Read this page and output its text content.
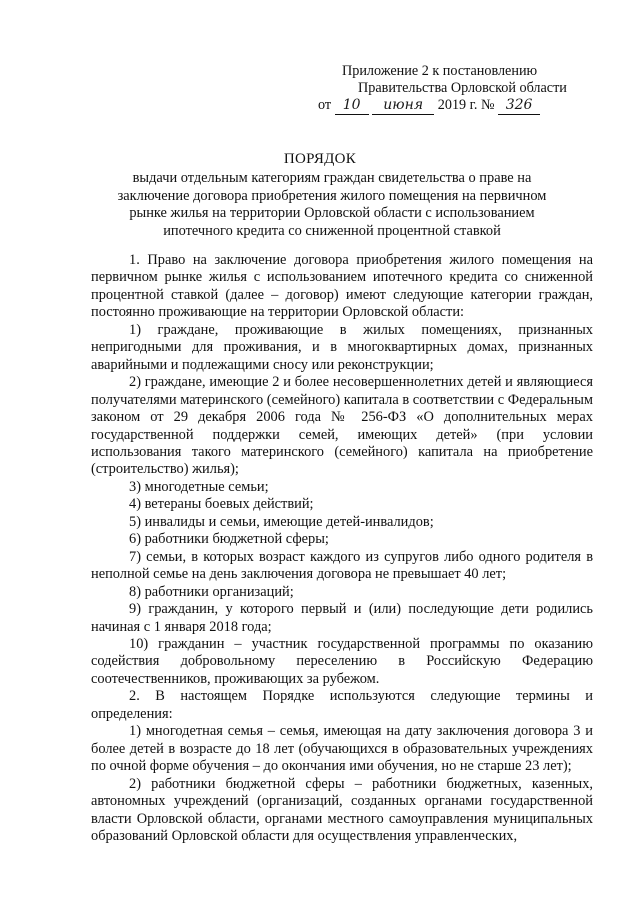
Приложение 2 к постановлению
Правительства Орловской области
от 10 июня 2019 г. № 326
ПОРЯДОК
выдачи отдельным категориям граждан свидетельства о праве на заключение договора приобретения жилого помещения на первичном рынке жилья на территории Орловской области с использованием ипотечного кредита со сниженной процентной ставкой

1. Право на заключение договора приобретения жилого помещения на первичном рынке жилья с использованием ипотечного кредита со сниженной процентной ставкой (далее – договор) имеют следующие категории граждан, постоянно проживающие на территории Орловской области:

1) граждане, проживающие в жилых помещениях, признанных непригодными для проживания, и в многоквартирных домах, признанных аварийными и подлежащими сносу или реконструкции;

2) граждане, имеющие 2 и более несовершеннолетних детей и являющиеся получателями материнского (семейного) капитала в соответствии с Федеральным законом от 29 декабря 2006 года № 256-ФЗ «О дополнительных мерах государственной поддержки семей, имеющих детей» (при условии использования такого материнского (семейного) капитала на приобретение (строительство) жилья);

3) многодетные семьи;

4) ветераны боевых действий;

5) инвалиды и семьи, имеющие детей-инвалидов;

6) работники бюджетной сферы;

7) семьи, в которых возраст каждого из супругов либо одного родителя в неполной семье на день заключения договора не превышает 40 лет;

8) работники организаций;

9) гражданин, у которого первый и (или) последующие дети родились начиная с 1 января 2018 года;

10) гражданин – участник государственной программы по оказанию содействия добровольному переселению в Российскую Федерацию соотечественников, проживающих за рубежом.

2. В настоящем Порядке используются следующие термины и определения:

1) многодетная семья – семья, имеющая на дату заключения договора 3 и более детей в возрасте до 18 лет (обучающихся в образовательных учреждениях по очной форме обучения – до окончания ими обучения, но не старше 23 лет);

2) работники бюджетной сферы – работники бюджетных, казенных, автономных учреждений (организаций, созданных органами государственной власти Орловской области, органами местного самоуправления муниципальных образований Орловской области для осуществления управленческих,
